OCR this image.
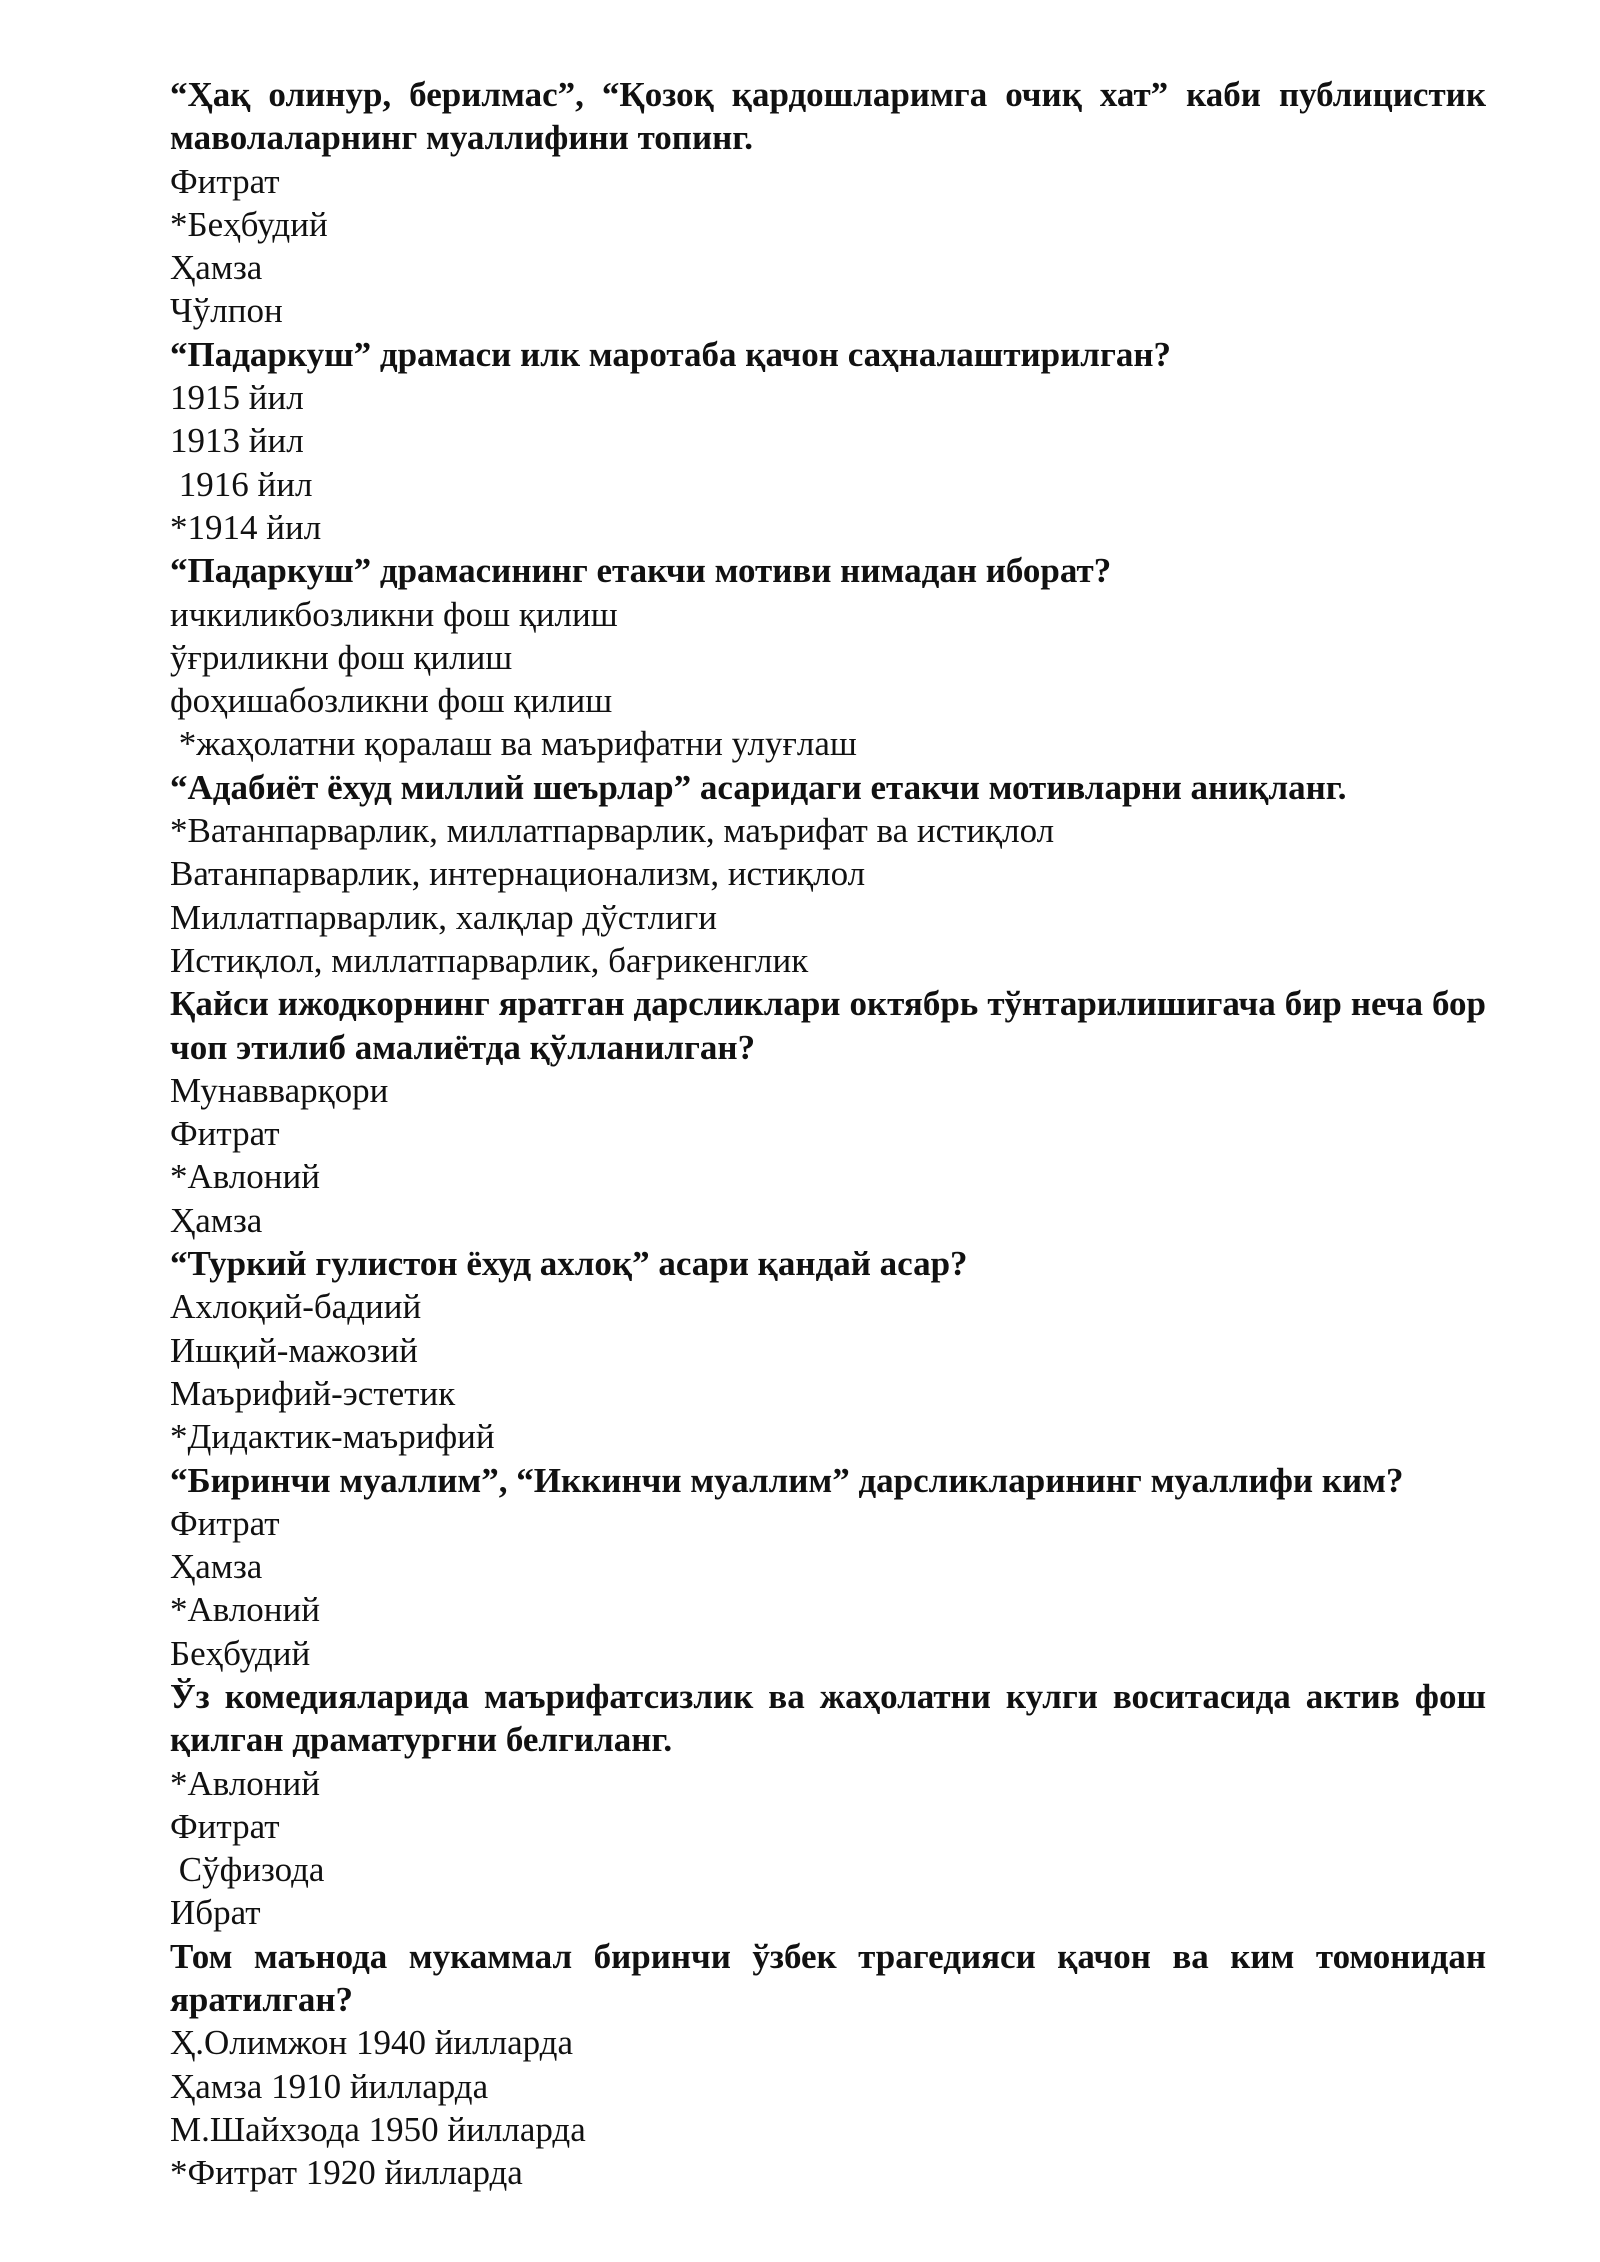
“Ҳақ олинур, берилмас”, “Қозоқ қардошларимга очиқ хат” каби публицистик маволаларнинг муаллифини топинг.

Фитрат

*Беҳбудий

Ҳамза

Чўлпон

“Падаркуш” драмаси илк маротаба қачон саҳналаштирилган?

1915 йил

1913 йил

1916 йил

*1914 йил

“Падаркуш” драмасининг етакчи мотиви нимадан иборат?

ичкиликбозликни фош қилиш

ўғриликни фош қилиш

фоҳишабозликни фош қилиш

*жаҳолатни қоралаш ва маърифатни улуғлаш

“Адабиёт ёхуд миллий шеърлар” асаридаги етакчи мотивларни аниқланг.

*Ватанпарварлик, миллатпарварлик, маърифат ва истиқлол

Ватанпарварлик, интернационализм, истиқлол

Миллатпарварлик, халқлар дўстлиги

Истиқлол, миллатпарварлик, бағрикенглик

Қайси ижодкорнинг яратган дарсликлари октябрь тўнтарилишигача бир неча бор чоп этилиб амалиётда қўлланилган?

Мунавварқори

Фитрат

*Авлоний

Ҳамза

“Туркий гулистон ёхуд ахлоқ” асари қандай асар?

Ахлоқий-бадиий

Ишқий-мажозий

Маърифий-эстетик

*Дидактик-маърифий

“Биринчи муаллим”, “Иккинчи муаллим” дарсликларининг муаллифи ким?

Фитрат

Ҳамза

*Авлоний

Беҳбудий

Ўз комедияларида маърифатсизлик ва жаҳолатни кулги воситасида актив фош қилган драматургни белгиланг.

*Авлоний

Фитрат

Сўфизода

Ибрат

Том маънода мукаммал биринчи ўзбек трагедияси қачон ва ким томонидан яратилган?

Ҳ.Олимжон 1940 йилларда

Ҳамза 1910 йилларда

М.Шайхзода 1950 йилларда

*Фитрат 1920 йилларда
